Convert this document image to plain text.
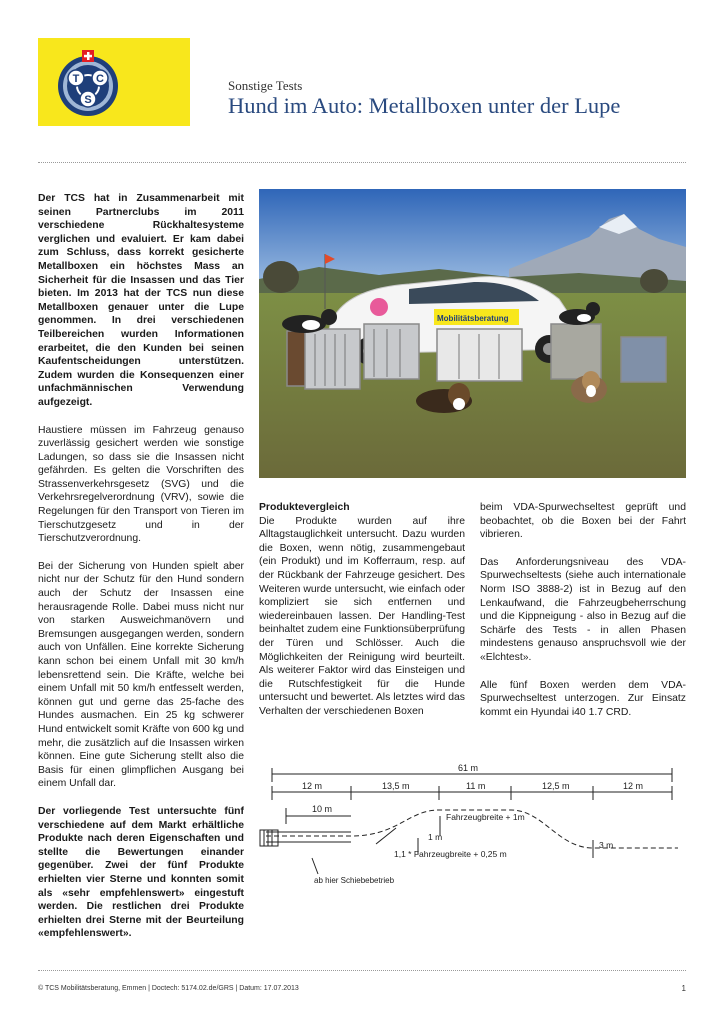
T C
S
Sonstige Tests
Hund im Auto: Metallboxen unter der Lupe

Der TCS hat in Zusammenarbeit mit seinen Partnerclubs im 2011 verschiedene Rückhaltesysteme verglichen und evaluiert. Er kam dabei zum Schluss, dass korrekt gesicherte Metallboxen ein höchstes Mass an Sicherheit für die Insassen und das Tier bieten. Im 2013 hat der TCS nun diese Metallboxen genauer unter die Lupe genommen. In drei verschiedenen Teilbereichen wurden Informationen erarbeitet, die den Kunden bei seinen Kaufentscheidungen unterstützen. Zudem wurden die Konsequenzen einer unfachmännischen Verwendung aufgezeigt.

Haustiere müssen im Fahrzeug genauso zuverlässig gesichert werden wie sonstige Ladungen, so dass sie die Insassen nicht gefährden. Es gelten die Vorschriften des Strassenverkehrsgesetz (SVG) und die Verkehrsregelverordnung (VRV), sowie die Regelungen für den Transport von Tieren im Tierschutzgesetz und in der Tierschutzverordnung.

Bei der Sicherung von Hunden spielt aber nicht nur der Schutz für den Hund sondern auch der Schutz der Insassen eine herausragende Rolle. Dabei muss nicht nur von starken Ausweichmanövern und Bremsungen ausgegangen werden, sondern auch von Unfällen. Eine korrekte Sicherung kann schon bei einem Unfall mit 30 km/h lebensrettend sein. Die Kräfte, welche bei einem Unfall mit 50 km/h entfesselt werden, können gut und gerne das 25-fache des Hundes ausmachen. Ein 25 kg schwerer Hund entwickelt somit Kräfte von 600 kg und mehr, die zusätzlich auf die Insassen wirken können. Eine gute Sicherung stellt also die Basis für einen glimpflichen Ausgang bei einem Unfall dar.

Der vorliegende Test untersuchte fünf verschiedene auf dem Markt erhältliche Produkte nach deren Eigenschaften und stellte die Bewertungen einander gegenüber. Zwei der fünf Produkte erhielten vier Sterne und konnten somit als «sehr empfehlenswert» eingestuft werden. Die restlichen drei Produkte erhielten drei Sterne mit der Beurteilung «empfehlenswert».

Mobilitätsberatung

Produktevergleich
Die Produkte wurden auf ihre Alltagstauglichkeit untersucht. Dazu wurden die Boxen, wenn nötig, zusammengebaut (ein Produkt) und im Kofferraum, resp. auf der Rückbank der Fahrzeuge gesichert. Des Weiteren wurde untersucht, wie einfach oder kompliziert sie sich entfernen und wiedereinbauen lassen. Der Handling-Test beinhaltet zudem eine Funktionsüberprüfung der Türen und Schlösser. Auch die Möglichkeiten der Reinigung wird beurteilt. Als weiterer Faktor wird das Einsteigen und die Rutschfestigkeit für die Hunde untersucht und bewertet. Als letztes wird das Verhalten der verschiedenen Boxen

beim VDA-Spurwechseltest geprüft und beobachtet, ob die Boxen bei der Fahrt vibrieren.

Das Anforderungsniveau des VDA-Spurwechseltests (siehe auch internationale Norm ISO 3888-2) ist in Bezug auf den Lenkaufwand, die Fahrzeugbeherrschung und die Kippneigung - also in Bezug auf die Schärfe des Tests - in allen Phasen mindestens genauso anspruchsvoll wie der «Elchtest».

Alle fünf Boxen werden dem VDA-Spurwechseltest unterzogen. Zur Einsatz kommt ein Hyundai i40 1.7 CRD.

61 m
12 m	13,5 m	11 m	12,5 m	12 m
10 m
Fahrzeugbreite + 1m
1 m
3 m
1,1 * Fahrzeugbreite + 0,25 m
ab hier Schiebebetrieb
© TCS Mobilitätsberatung, Emmen | Doctech: 5174.02.de/GRS | Datum: 17.07.2013	1
